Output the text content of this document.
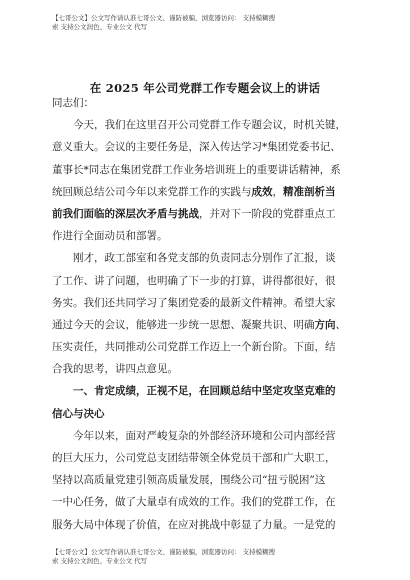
【七哥公文】公文写作请认准七哥公文、谨防被骗，浏览器访问： 支持模糊搜
索 支持公文润色、专业公文 代写
在 2025 年公司党群工作专题会议上的讲话
同志们：
今天，我们在这里召开公司党群工作专题会议，时机关键，
意义重大。会议的主要任务是，深入传达学习*集团党委书记、
董事长*同志在集团党群工作业务培训班上的重要讲话精神，系
统回顾总结公司今年以来党群工作的实践与成效，精准剖析当
前我们面临的深层次矛盾与挑战，并对下一阶段的党群重点工
作进行全面动员和部署。
刚才，政工部室和各党支部的负责同志分别作了汇报，谈
了工作、讲了问题，也明确了下一步的打算，讲得都很好，很
务实。我们还共同学习了集团党委的最新文件精神。希望大家
通过今天的会议，能够进一步统一思想、凝聚共识、明确方向、
压实责任，共同推动公司党群工作迈上一个新台阶。下面，结
合我的思考，讲四点意见。
一、肯定成绩，正视不足，在回顾总结中坚定攻坚克难的
信心与决心
今年以来，面对严峻复杂的外部经济环境和公司内部经营
的巨大压力，公司党总支团结带领全体党员干部和广大职工，
坚持以高质量党建引领高质量发展，围绕公司“扭亏脱困”这
一中心任务，做了大量卓有成效的工作。我们的党群工作，在
服务大局中体现了价值，在应对挑战中彰显了力量。一是党的
【七哥公文】公文写作请认准七哥公文、谨防被骗，浏览器访问： 支持模糊搜
索 支持公文润色、专业公文 代写
